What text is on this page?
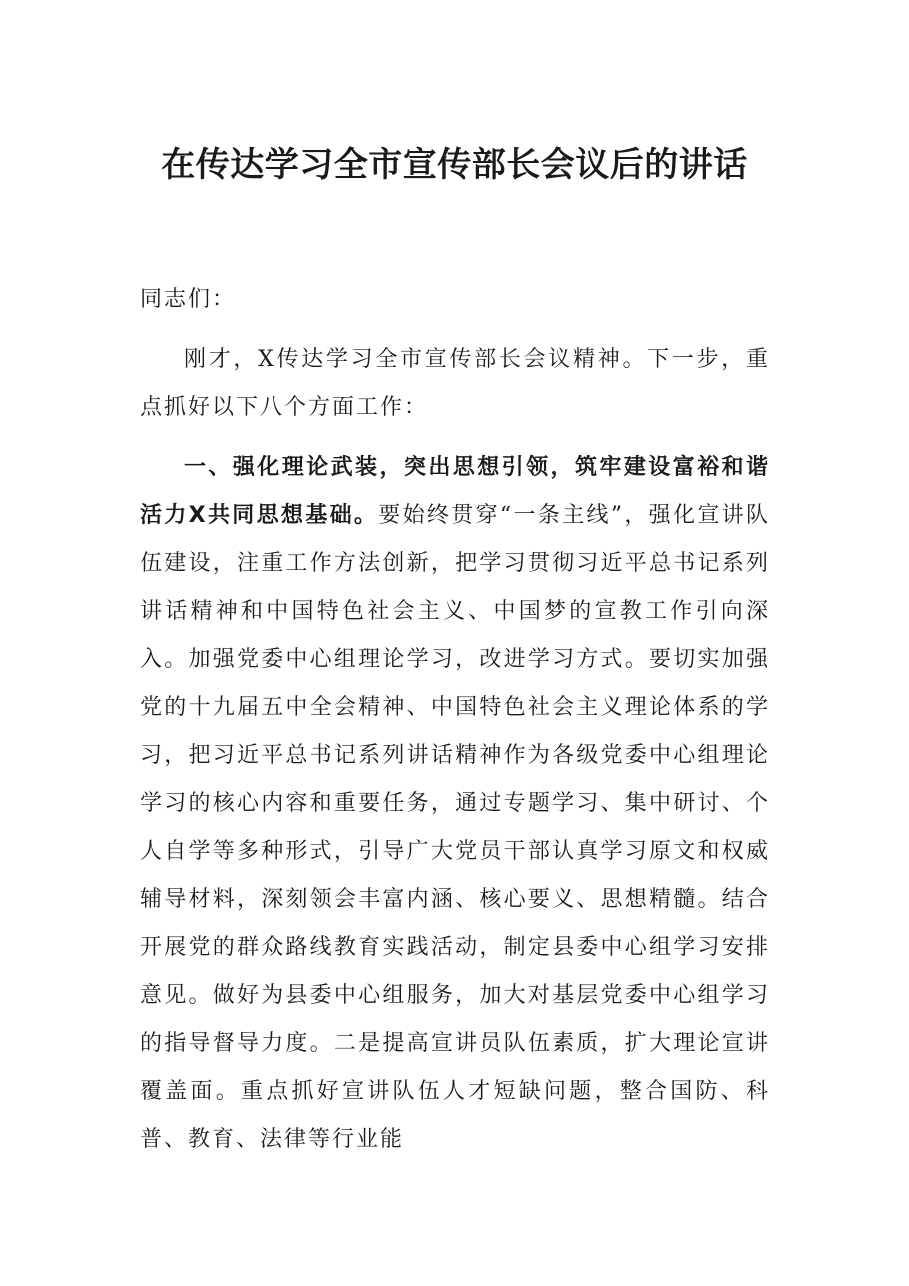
在传达学习全市宣传部长会议后的讲话

同志们：

刚才，X传达学习全市宣传部长会议精神。下一步，重点抓好以下八个方面工作：

一、强化理论武装，突出思想引领，筑牢建设富裕和谐活力X共同思想基础。要始终贯穿“一条主线”，强化宣讲队伍建设，注重工作方法创新，把学习贯彻习近平总书记系列讲话精神和中国特色社会主义、中国梦的宣教工作引向深入。加强党委中心组理论学习，改进学习方式。要切实加强党的十九届五中全会精神、中国特色社会主义理论体系的学习，把习近平总书记系列讲话精神作为各级党委中心组理论学习的核心内容和重要任务，通过专题学习、集中研讨、个人自学等多种形式，引导广大党员干部认真学习原文和权威辅导材料，深刻领会丰富内涵、核心要义、思想精髓。结合开展党的群众路线教育实践活动，制定县委中心组学习安排意见。做好为县委中心组服务，加大对基层党委中心组学习的指导督导力度。二是提高宣讲员队伍素质，扩大理论宣讲覆盖面。重点抓好宣讲队伍人才短缺问题，整合国防、科普、教育、法律等行业能
